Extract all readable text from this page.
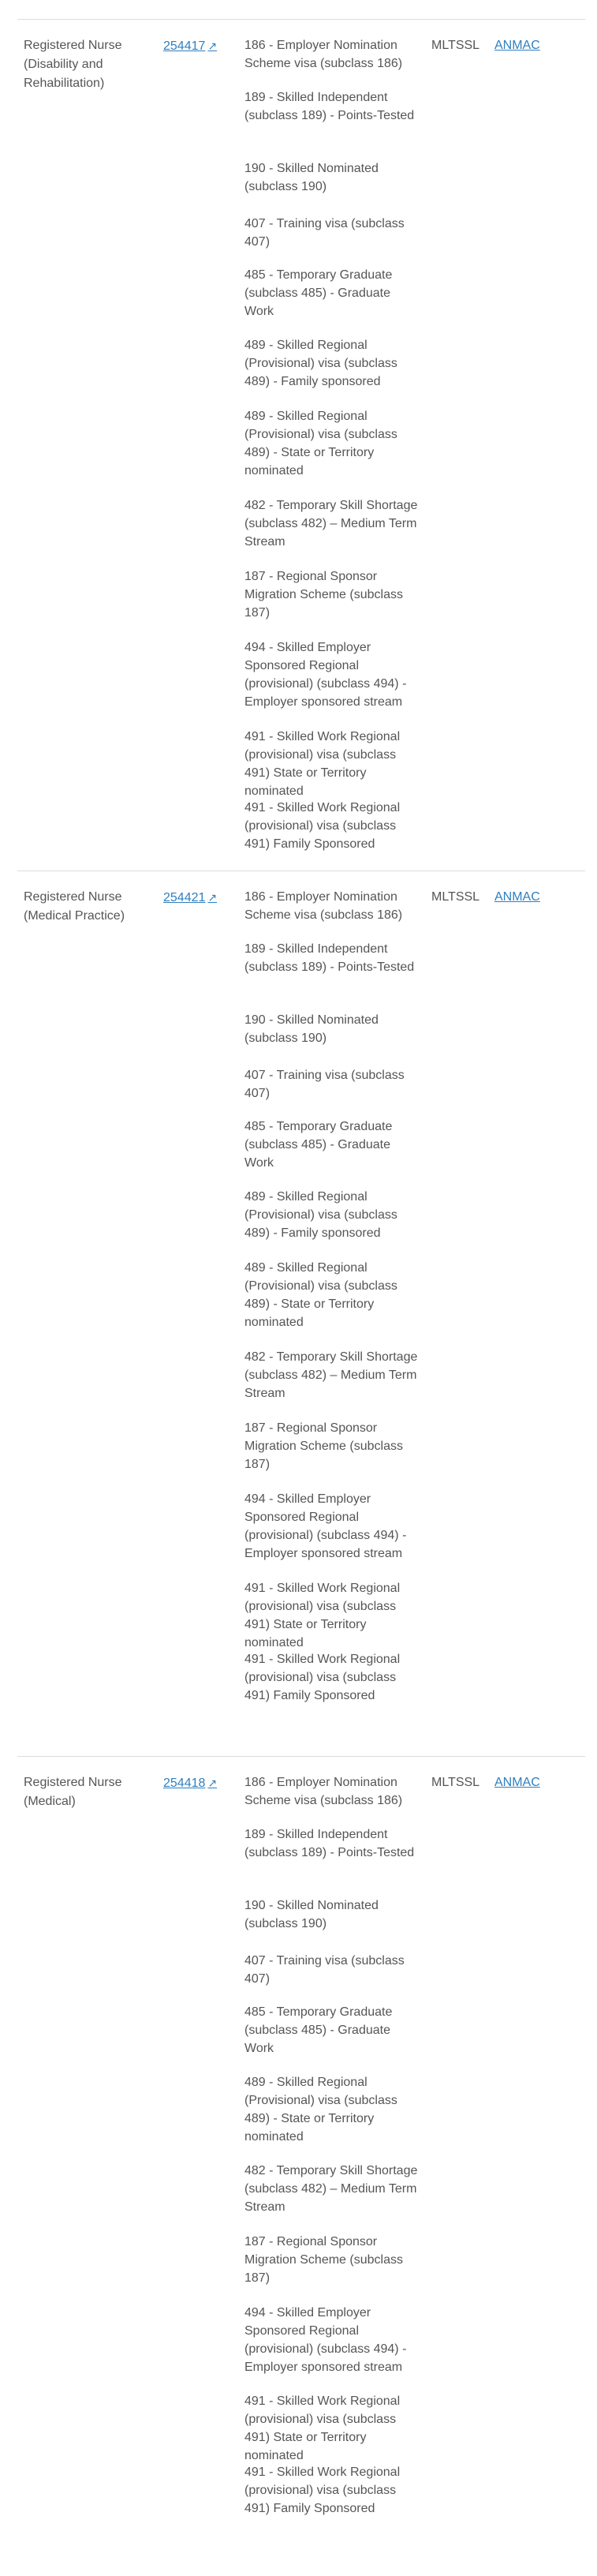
Registered Nurse (Disability and Rehabilitation)
254417 ↗ 186 - Employer Nomination Scheme visa (subclass 186)
189 - Skilled Independent (subclass 189) - Points-Tested
190 - Skilled Nominated (subclass 190)
407 - Training visa (subclass 407)
485 - Temporary Graduate (subclass 485) - Graduate Work
489 - Skilled Regional (Provisional) visa (subclass 489) - Family sponsored
489 - Skilled Regional (Provisional) visa (subclass 489) - State or Territory nominated
482 - Temporary Skill Shortage (subclass 482) – Medium Term Stream
187 - Regional Sponsor Migration Scheme (subclass 187)
494 - Skilled Employer Sponsored Regional (provisional) (subclass 494) - Employer sponsored stream
491 - Skilled Work Regional (provisional) visa (subclass 491) State or Territory nominated
491 - Skilled Work Regional (provisional) visa (subclass 491) Family Sponsored
MLTSSL ANMAC
Registered Nurse (Medical Practice)
254421 ↗ 186 - Employer Nomination Scheme visa (subclass 186)
189 - Skilled Independent (subclass 189) - Points-Tested
190 - Skilled Nominated (subclass 190)
407 - Training visa (subclass 407)
485 - Temporary Graduate (subclass 485) - Graduate Work
489 - Skilled Regional (Provisional) visa (subclass 489) - Family sponsored
489 - Skilled Regional (Provisional) visa (subclass 489) - State or Territory nominated
482 - Temporary Skill Shortage (subclass 482) – Medium Term Stream
187 - Regional Sponsor Migration Scheme (subclass 187)
494 - Skilled Employer Sponsored Regional (provisional) (subclass 494) - Employer sponsored stream
491 - Skilled Work Regional (provisional) visa (subclass 491) State or Territory nominated
491 - Skilled Work Regional (provisional) visa (subclass 491) Family Sponsored
MLTSSL ANMAC
Registered Nurse (Medical)
254418 ↗ 186 - Employer Nomination Scheme visa (subclass 186)
189 - Skilled Independent (subclass 189) - Points-Tested
190 - Skilled Nominated (subclass 190)
407 - Training visa (subclass 407)
485 - Temporary Graduate (subclass 485) - Graduate Work
489 - Skilled Regional (Provisional) visa (subclass 489) - State or Territory nominated
482 - Temporary Skill Shortage (subclass 482) – Medium Term Stream
187 - Regional Sponsor Migration Scheme (subclass 187)
494 - Skilled Employer Sponsored Regional (provisional) (subclass 494) - Employer sponsored stream
491 - Skilled Work Regional (provisional) visa (subclass 491) State or Territory nominated
491 - Skilled Work Regional (provisional) visa (subclass 491) Family Sponsored
MLTSSL ANMAC
